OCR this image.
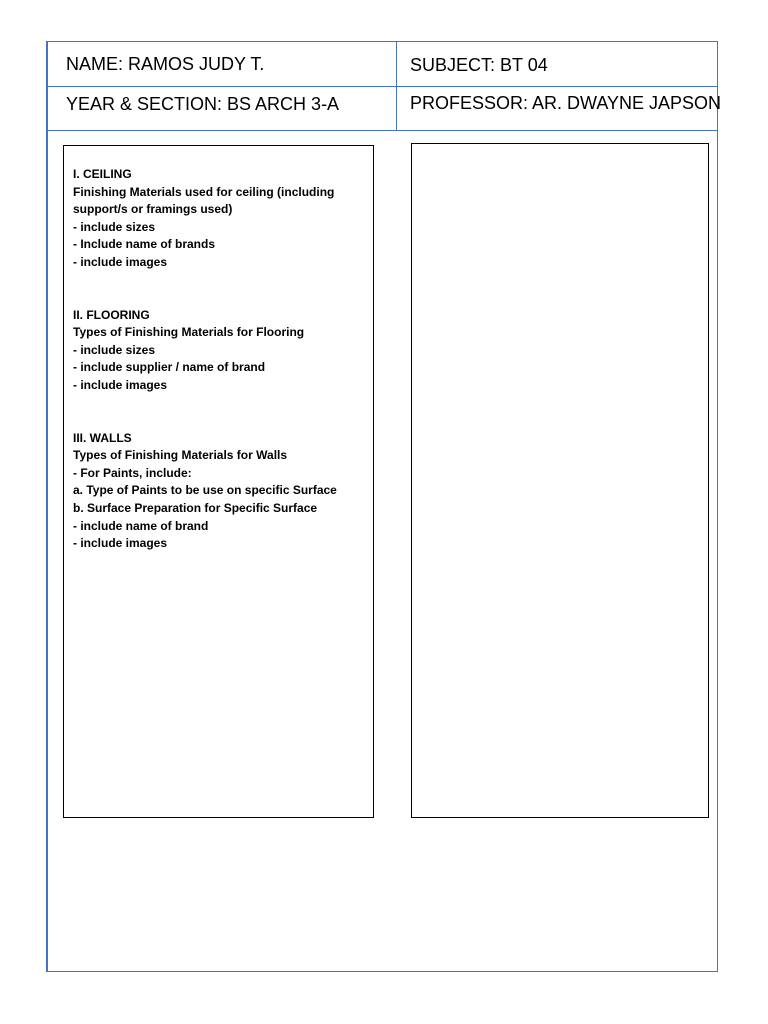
NAME: RAMOS JUDY T.	SUBJECT: BT 04
YEAR & SECTION: BS ARCH 3-A	PROFESSOR: AR. DWAYNE JAPSON
I. CEILING
Finishing Materials used for ceiling (including
support/s or framings used)
- include sizes
- Include name of brands
- include images
II. FLOORING
Types of Finishing Materials for Flooring
- include sizes
- include supplier / name of brand
- include images
III. WALLS
Types of Finishing Materials for Walls
- For Paints, include:
a. Type of Paints to be use on specific Surface
b. Surface Preparation for Specific Surface
- include name of brand
- include images
